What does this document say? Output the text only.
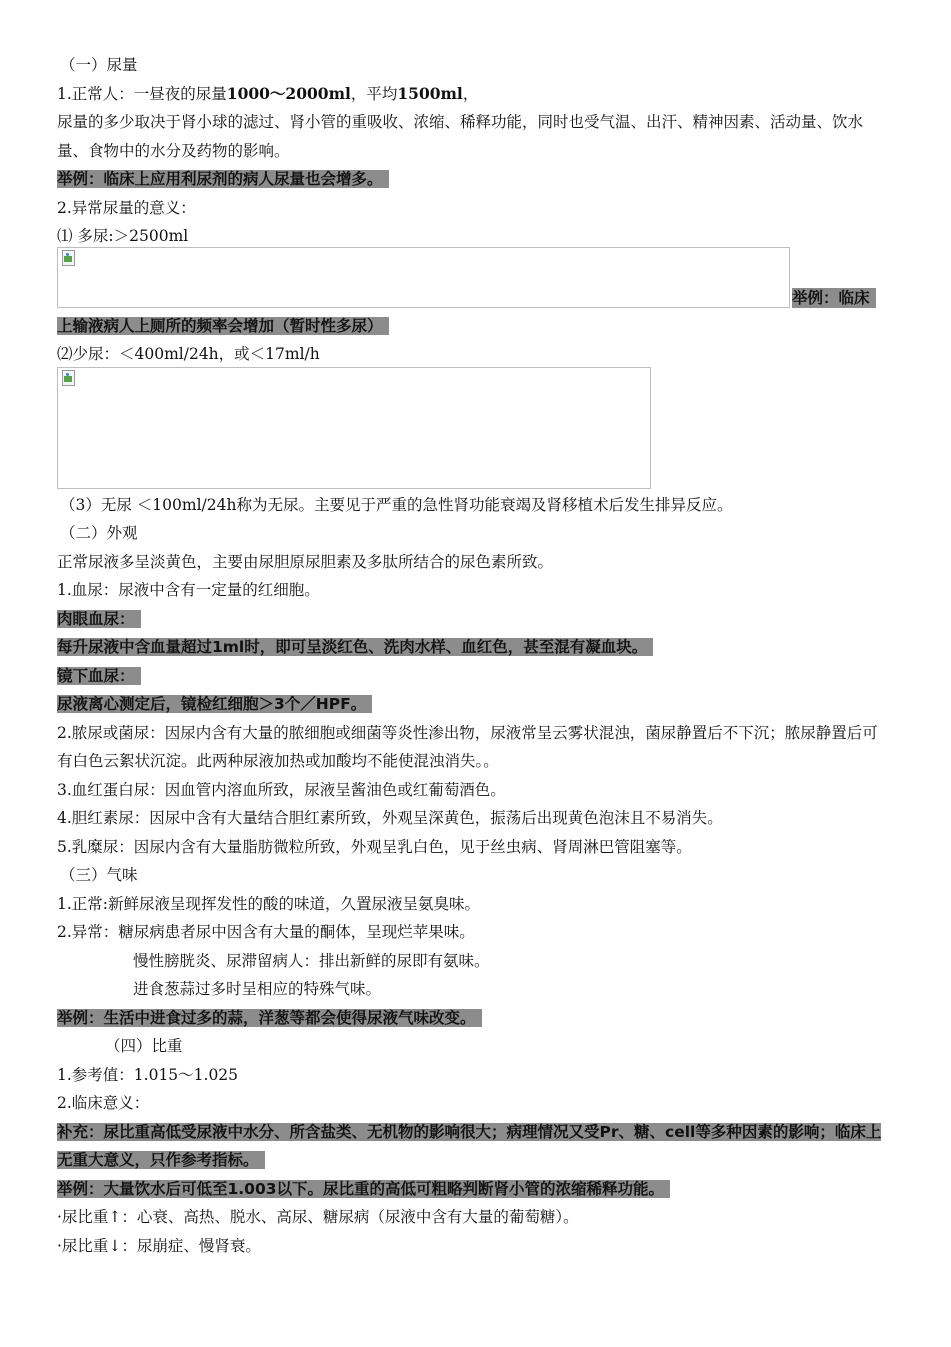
（一）尿量
1.正常人：一昼夜的尿量1000～2000ml，平均1500ml，
尿量的多少取决于肾小球的滤过、肾小管的重吸收、浓缩、稀释功能，同时也受气温、出汗、精神因素、活动量、饮水量、食物中的水分及药物的影响。
举例：临床上应用利尿剂的病人尿量也会增多。
2.异常尿量的意义：
⑴ 多尿:＞2500ml
举例：临床
上输液病人上厕所的频率会增加（暂时性多尿）
⑵少尿：＜400ml/24h，或＜17ml/h
（3）无尿 ＜100ml/24h称为无尿。主要见于严重的急性肾功能衰竭及肾移植术后发生排异反应。
（二）外观
正常尿液多呈淡黄色，主要由尿胆原尿胆素及多肽所结合的尿色素所致。
1.血尿：尿液中含有一定量的红细胞。
肉眼血尿：
每升尿液中含血量超过1ml时，即可呈淡红色、洗肉水样、血红色，甚至混有凝血块。
镜下血尿：
尿液离心测定后，镜检红细胞＞3个／HPF。
2.脓尿或菌尿：因尿内含有大量的脓细胞或细菌等炎性渗出物，尿液常呈云雾状混浊，菌尿静置后不下沉；脓尿静置后可有白色云絮状沉淀。此两种尿液加热或加酸均不能使混浊消失。。
3.血红蛋白尿：因血管内溶血所致，尿液呈酱油色或红葡萄酒色。
4.胆红素尿：因尿中含有大量结合胆红素所致，外观呈深黄色，振荡后出现黄色泡沫且不易消失。
5.乳糜尿：因尿内含有大量脂肪微粒所致，外观呈乳白色，见于丝虫病、肾周淋巴管阻塞等。
（三）气味
1.正常:新鲜尿液呈现挥发性的酸的味道，久置尿液呈氨臭味。
2.异常：糖尿病患者尿中因含有大量的酮体，呈现烂苹果味。
慢性膀胱炎、尿滞留病人：排出新鲜的尿即有氨味。
进食葱蒜过多时呈相应的特殊气味。
举例：生活中进食过多的蒜，洋葱等都会使得尿液气味改变。
（四）比重
1.参考值：1.015～1.025
2.临床意义：
补充：尿比重高低受尿液中水分、所含盐类、无机物的影响很大；病理情况又受Pr、糖、cell等多种因素的影响；临床上无重大意义，只作参考指标。
举例：大量饮水后可低至1.003以下。尿比重的高低可粗略判断肾小管的浓缩稀释功能。
·尿比重↑：心衰、高热、脱水、高尿、糖尿病（尿液中含有大量的葡萄糖）。
·尿比重↓：尿崩症、慢肾衰。
